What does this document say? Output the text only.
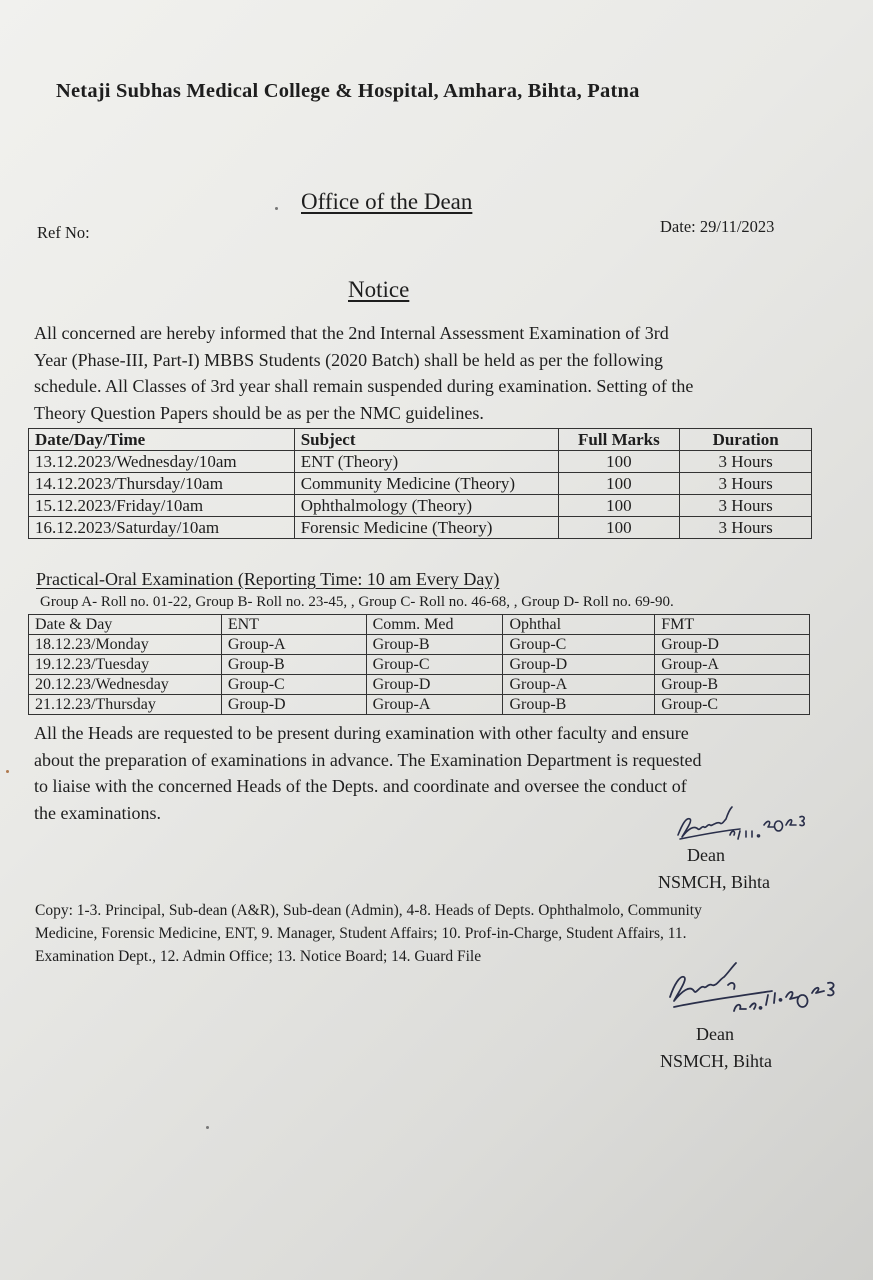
Netaji Subhas Medical College & Hospital, Amhara, Bihta, Patna
Office of the Dean
Ref No:	Date: 29/11/2023
Notice
All concerned are hereby informed that the 2nd Internal Assessment Examination of 3rd
Year (Phase-III, Part-I) MBBS Students (2020 Batch) shall be held as per the following
schedule. All Classes of 3rd year shall remain suspended during examination. Setting of the
Theory Question Papers should be as per the NMC guidelines.
Date/Day/Time	Subject	Full Marks	Duration
13.12.2023/Wednesday/10am	ENT (Theory)	100	3 Hours
14.12.2023/Thursday/10am	Community Medicine (Theory)	100	3 Hours
15.12.2023/Friday/10am	Ophthalmology (Theory)	100	3 Hours
16.12.2023/Saturday/10am	Forensic Medicine (Theory)	100	3 Hours
Practical-Oral Examination (Reporting Time: 10 am Every Day)
Group A- Roll no. 01-22, Group B- Roll no. 23-45, , Group C- Roll no. 46-68, , Group D- Roll no. 69-90.
Date & Day	ENT	Comm. Med	Ophthal	FMT
18.12.23/Monday	Group-A	Group-B	Group-C	Group-D
19.12.23/Tuesday	Group-B	Group-C	Group-D	Group-A
20.12.23/Wednesday	Group-C	Group-D	Group-A	Group-B
21.12.23/Thursday	Group-D	Group-A	Group-B	Group-C
All the Heads are requested to be present during examination with other faculty and ensure
about the preparation of examinations in advance. The Examination Department is requested
to liaise with the concerned Heads of the Depts. and coordinate and oversee the conduct of
the examinations.
Dean
NSMCH, Bihta
Copy: 1-3. Principal, Sub-dean (A&R), Sub-dean (Admin), 4-8. Heads of Depts. Ophthalmolo, Community
Medicine, Forensic Medicine, ENT, 9. Manager, Student Affairs; 10. Prof-in-Charge, Student Affairs, 11.
Examination Dept., 12. Admin Office; 13. Notice Board; 14. Guard File
Dean
NSMCH, Bihta
